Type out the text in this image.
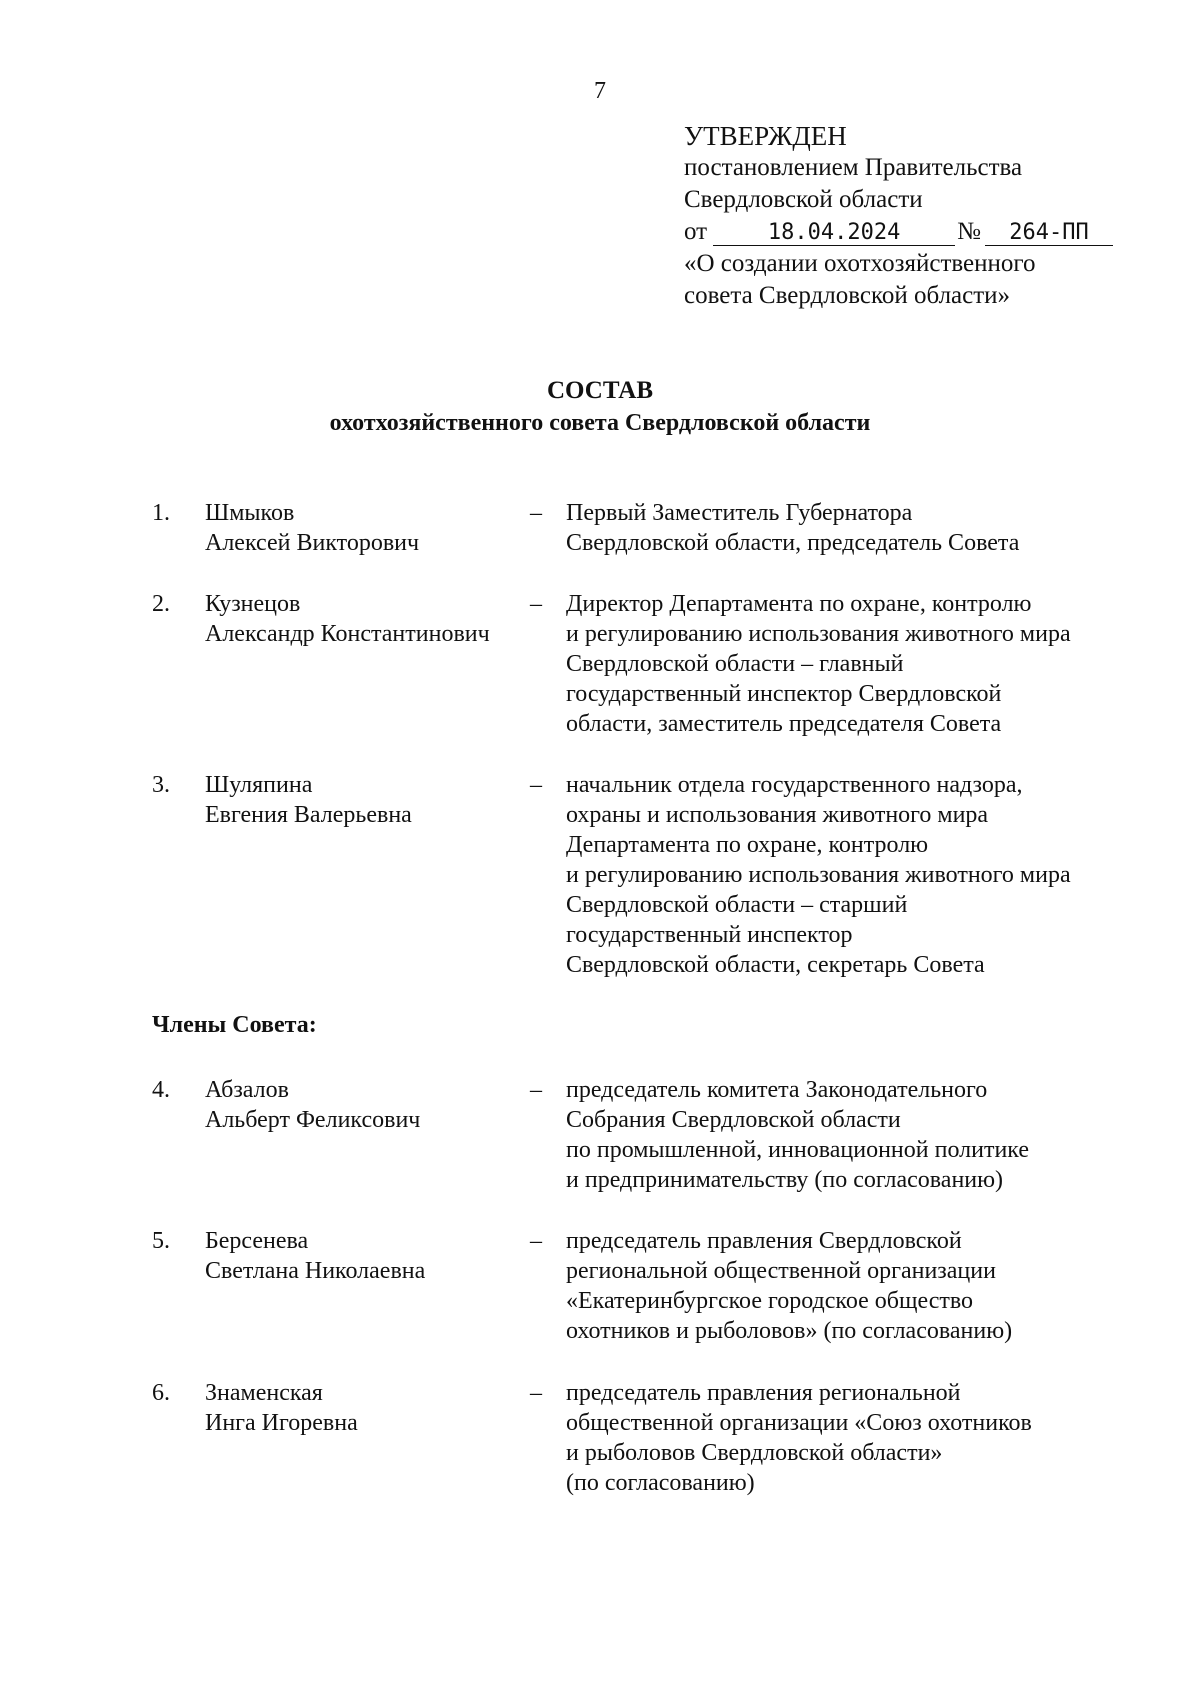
7
УТВЕРЖДЕН
постановлением Правительства
Свердловской области
от	18.04.2024 № 264-ПП
«О создании охотхозяйственного
совета Свердловской области»
СОСТАВ
охотхозяйственного совета Свердловской области
1. Шмыков
Алексей Викторович
– Первый Заместитель Губернатора
Свердловской области, председатель Совета
2. Кузнецов
Александр Константинович
– Директор Департамента по охране, контролю
и регулированию использования животного мира
Свердловской области – главный
государственный инспектор Свердловской
области, заместитель председателя Совета
3. Шуляпина
Евгения Валерьевна
– начальник отдела государственного надзора,
охраны и использования животного мира
Департамента по охране, контролю
и регулированию использования животного мира
Свердловской области – старший
государственный инспектор
Свердловской области, секретарь Совета
Члены Совета:
4. Абзалов
Альберт Феликсович
– председатель комитета Законодательного
Собрания Свердловской области
по промышленной, инновационной политике
и предпринимательству (по согласованию)
5. Берсенева
Светлана Николаевна
– председатель правления Свердловской
региональной общественной организации
«Екатеринбургское городское общество
охотников и рыболовов» (по согласованию)
6. Знаменская
Инга Игоревна
– председатель правления региональной
общественной организации «Союз охотников
и рыболовов Свердловской области»
(по согласованию)
